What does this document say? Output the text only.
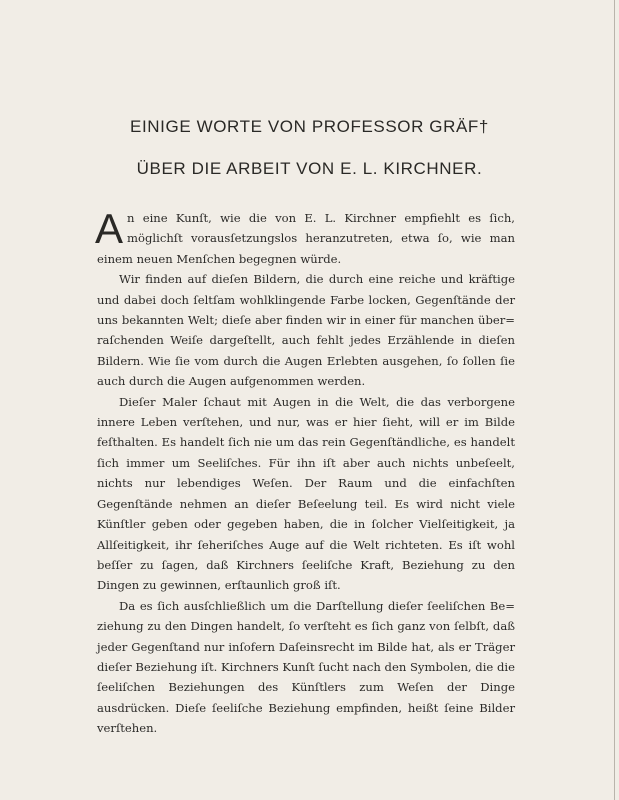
EINIGE WORTE VON PROFESSOR GRÄF†
ÜBER DIE ARBEIT VON E. L. KIRCHNER.

An eine Kunſt, wie die von E. L. Kirchner empfiehlt es ſich, möglichſt vorausſetzungslos heranzutreten, etwa ſo, wie man einem neuen Menſchen begegnen würde.

Wir finden auf dieſen Bildern, die durch eine reiche und kräftige und dabei doch ſeltſam wohlklingende Farbe locken, Gegenſtände der uns bekannten Welt; dieſe aber finden wir in einer für manchen über= raſchenden Weiſe dargeſtellt, auch fehlt jedes Erzählende in dieſen Bildern. Wie ſie vom durch die Augen Erlebten ausgehen, ſo ſollen ſie auch durch die Augen aufgenommen werden.

Dieſer Maler ſchaut mit Augen in die Welt, die das verborgene innere Leben verſtehen, und nur, was er hier ſieht, will er im Bilde feſthalten. Es handelt ſich nie um das rein Gegenſtändliche, es handelt ſich immer um Seeliſches. Für ihn iſt aber auch nichts unbeſeelt, nichts nur lebendiges Weſen. Der Raum und die einfachſten Gegenſtände nehmen an dieſer Beſeelung teil. Es wird nicht viele Künſtler geben oder gegeben haben, die in ſolcher Vielſeitigkeit, ja Allſeitigkeit, ihr ſeheriſches Auge auf die Welt richteten. Es iſt wohl beſſer zu ſagen, daß Kirchners ſeeliſche Kraft, Beziehung zu den Dingen zu gewinnen, erſtaunlich groß iſt.

Da es ſich ausſchließlich um die Darſtellung dieſer ſeeliſchen Be= ziehung zu den Dingen handelt, ſo verſteht es ſich ganz von ſelbſt, daß jeder Gegenſtand nur inſofern Daſeinsrecht im Bilde hat, als er Träger dieſer Beziehung iſt. Kirchners Kunſt ſucht nach den Symbolen, die die ſeeliſchen Beziehungen des Künſtlers zum Weſen der Dinge ausdrücken. Dieſe ſeeliſche Beziehung empfinden, heißt ſeine Bilder verſtehen.
